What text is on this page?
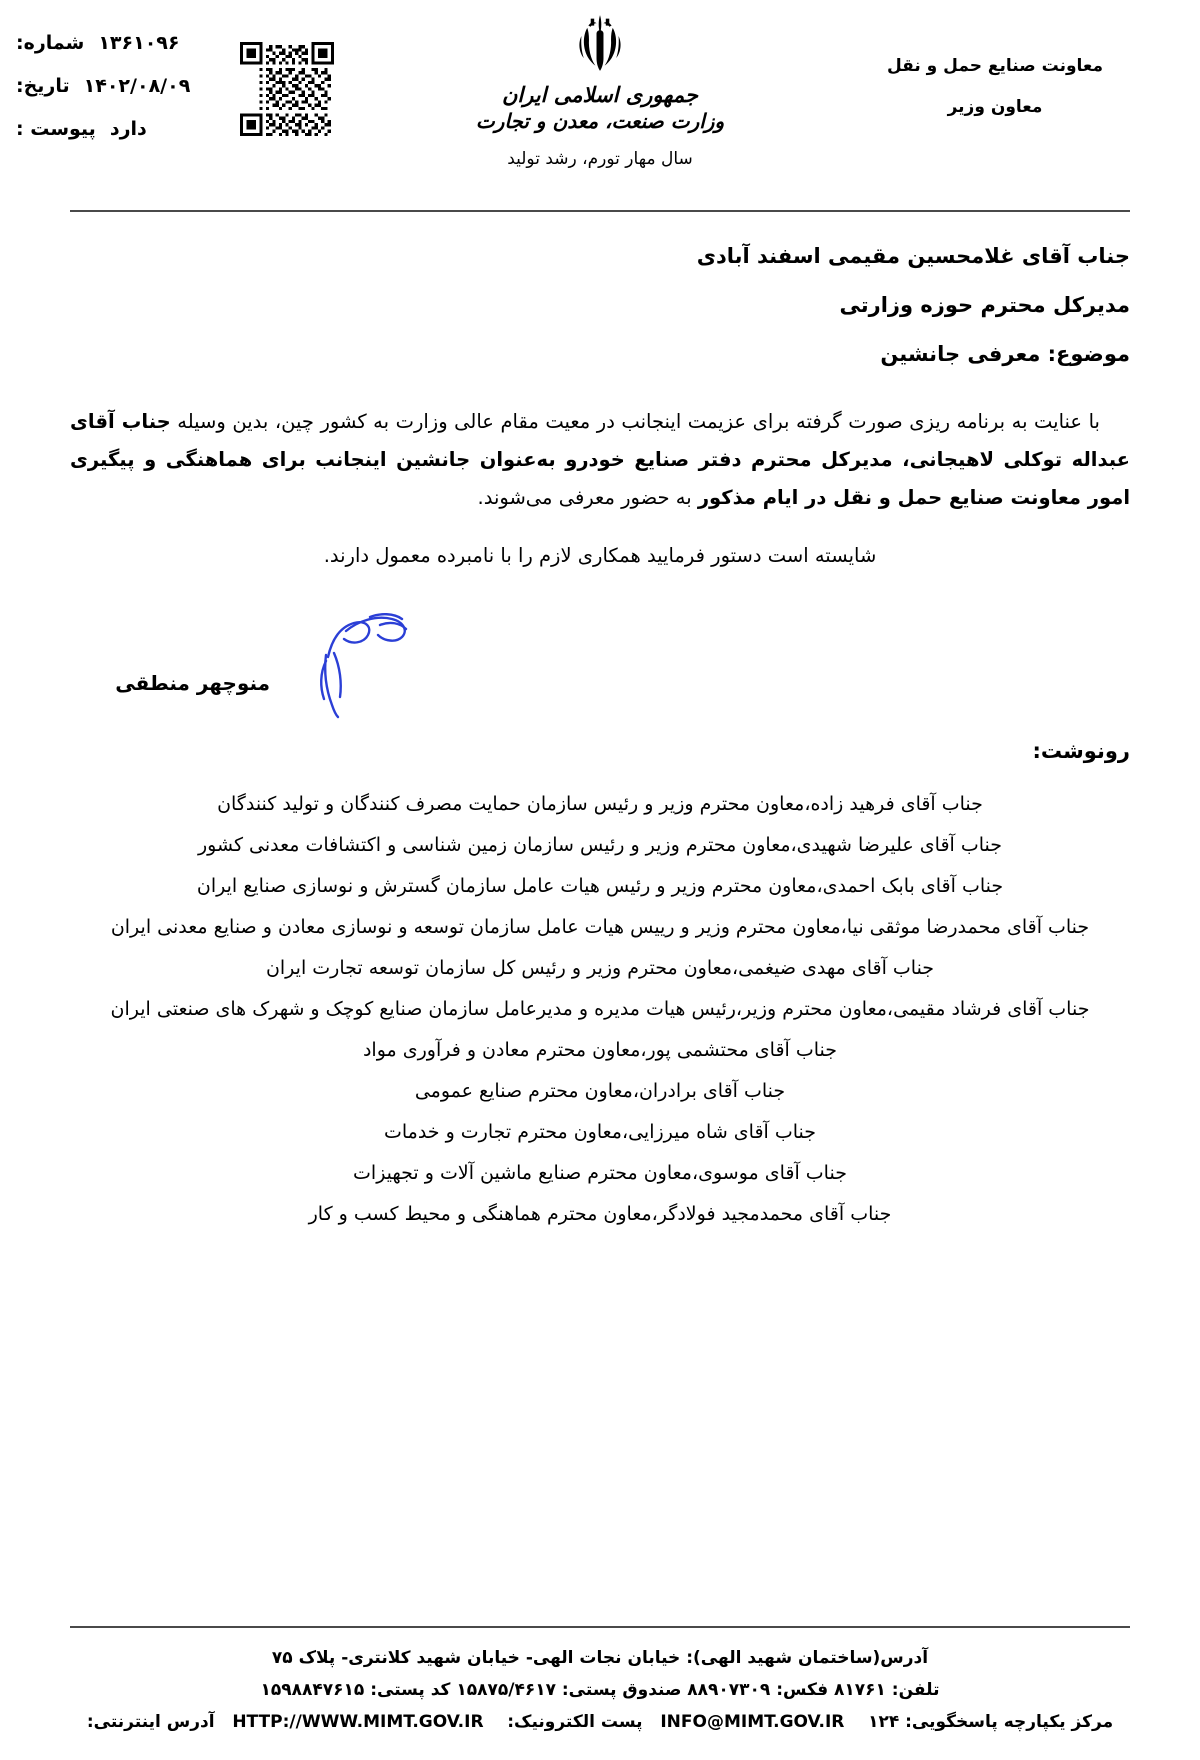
۱۳۶۱۰۹۶
شماره:
۱۴۰۲/۰۸/۰۹
تاریخ:
دارد
پیوست :
جمهوری اسلامی ایران
وزارت صنعت، معدن و تجارت
سال مهار تورم، رشد تولید
معاونت صنایع حمل و نقل
معاون وزیر
جناب آقای غلامحسین مقیمی اسفند آبادی
مدیرکل محترم حوزه وزارتی
موضوع: معرفی جانشین

با عنایت به برنامه ریزی صورت گرفته برای عزیمت اینجانب در معیت مقام عالی وزارت به کشور چین، بدین وسیله جناب آقای عبداله توکلی لاهیجانی، مدیرکل محترم دفتر صنایع خودرو به‌عنوان جانشین اینجانب برای هماهنگی و پیگیری امور معاونت صنایع حمل و نقل در ایام مذکور به حضور معرفی می‌شوند.

شایسته است دستور فرمایید همکاری لازم را با نامبرده معمول دارند.

منوچهر منطقی
رونوشت:
جناب آقای فرهید زاده،معاون محترم وزیر و رئیس سازمان حمایت مصرف کنندگان و تولید کنندگان
جناب آقای علیرضا شهیدی،معاون محترم وزیر و رئیس سازمان زمین شناسی و اکتشافات معدنی کشور
جناب آقای بابک احمدی،معاون محترم وزیر و رئیس هیات عامل سازمان گسترش و نوسازی صنایع ایران
جناب آقای محمدرضا موثقی نیا،معاون محترم وزیر و رییس هیات عامل سازمان توسعه و نوسازی معادن و صنایع معدنی ایران
جناب آقای مهدی ضیغمی،معاون محترم وزیر و رئیس کل سازمان توسعه تجارت ایران
جناب آقای فرشاد مقیمی،معاون محترم وزیر،رئیس هیات مدیره و مدیرعامل سازمان صنایع کوچک و شهرک های صنعتی ایران
جناب آقای محتشمی پور،معاون محترم معادن و فرآوری مواد
جناب آقای برادران،معاون محترم صنایع عمومی
جناب آقای شاه میرزایی،معاون محترم تجارت و خدمات
جناب آقای موسوی،معاون محترم صنایع ماشین آلات و تجهیزات
جناب آقای محمدمجید فولادگر،معاون محترم هماهنگی و محیط کسب و کار
آدرس(ساختمان شهید الهی): خیابان نجات الهی- خیابان شهید کلانتری- پلاک ۷۵
تلفن: ۸۱۷۶۱ فکس: ۸۸۹۰۷۳۰۹ صندوق پستی: ۱۵۸۷۵/۴۶۱۷ کد پستی: ۱۵۹۸۸۴۷۶۱۵
مرکز یکپارچه پاسخگویی: ۱۲۴    INFO@MIMT.GOV.IR   پست الکترونیک:    HTTP://WWW.MIMT.GOV.IR   آدرس اینترنتی:
